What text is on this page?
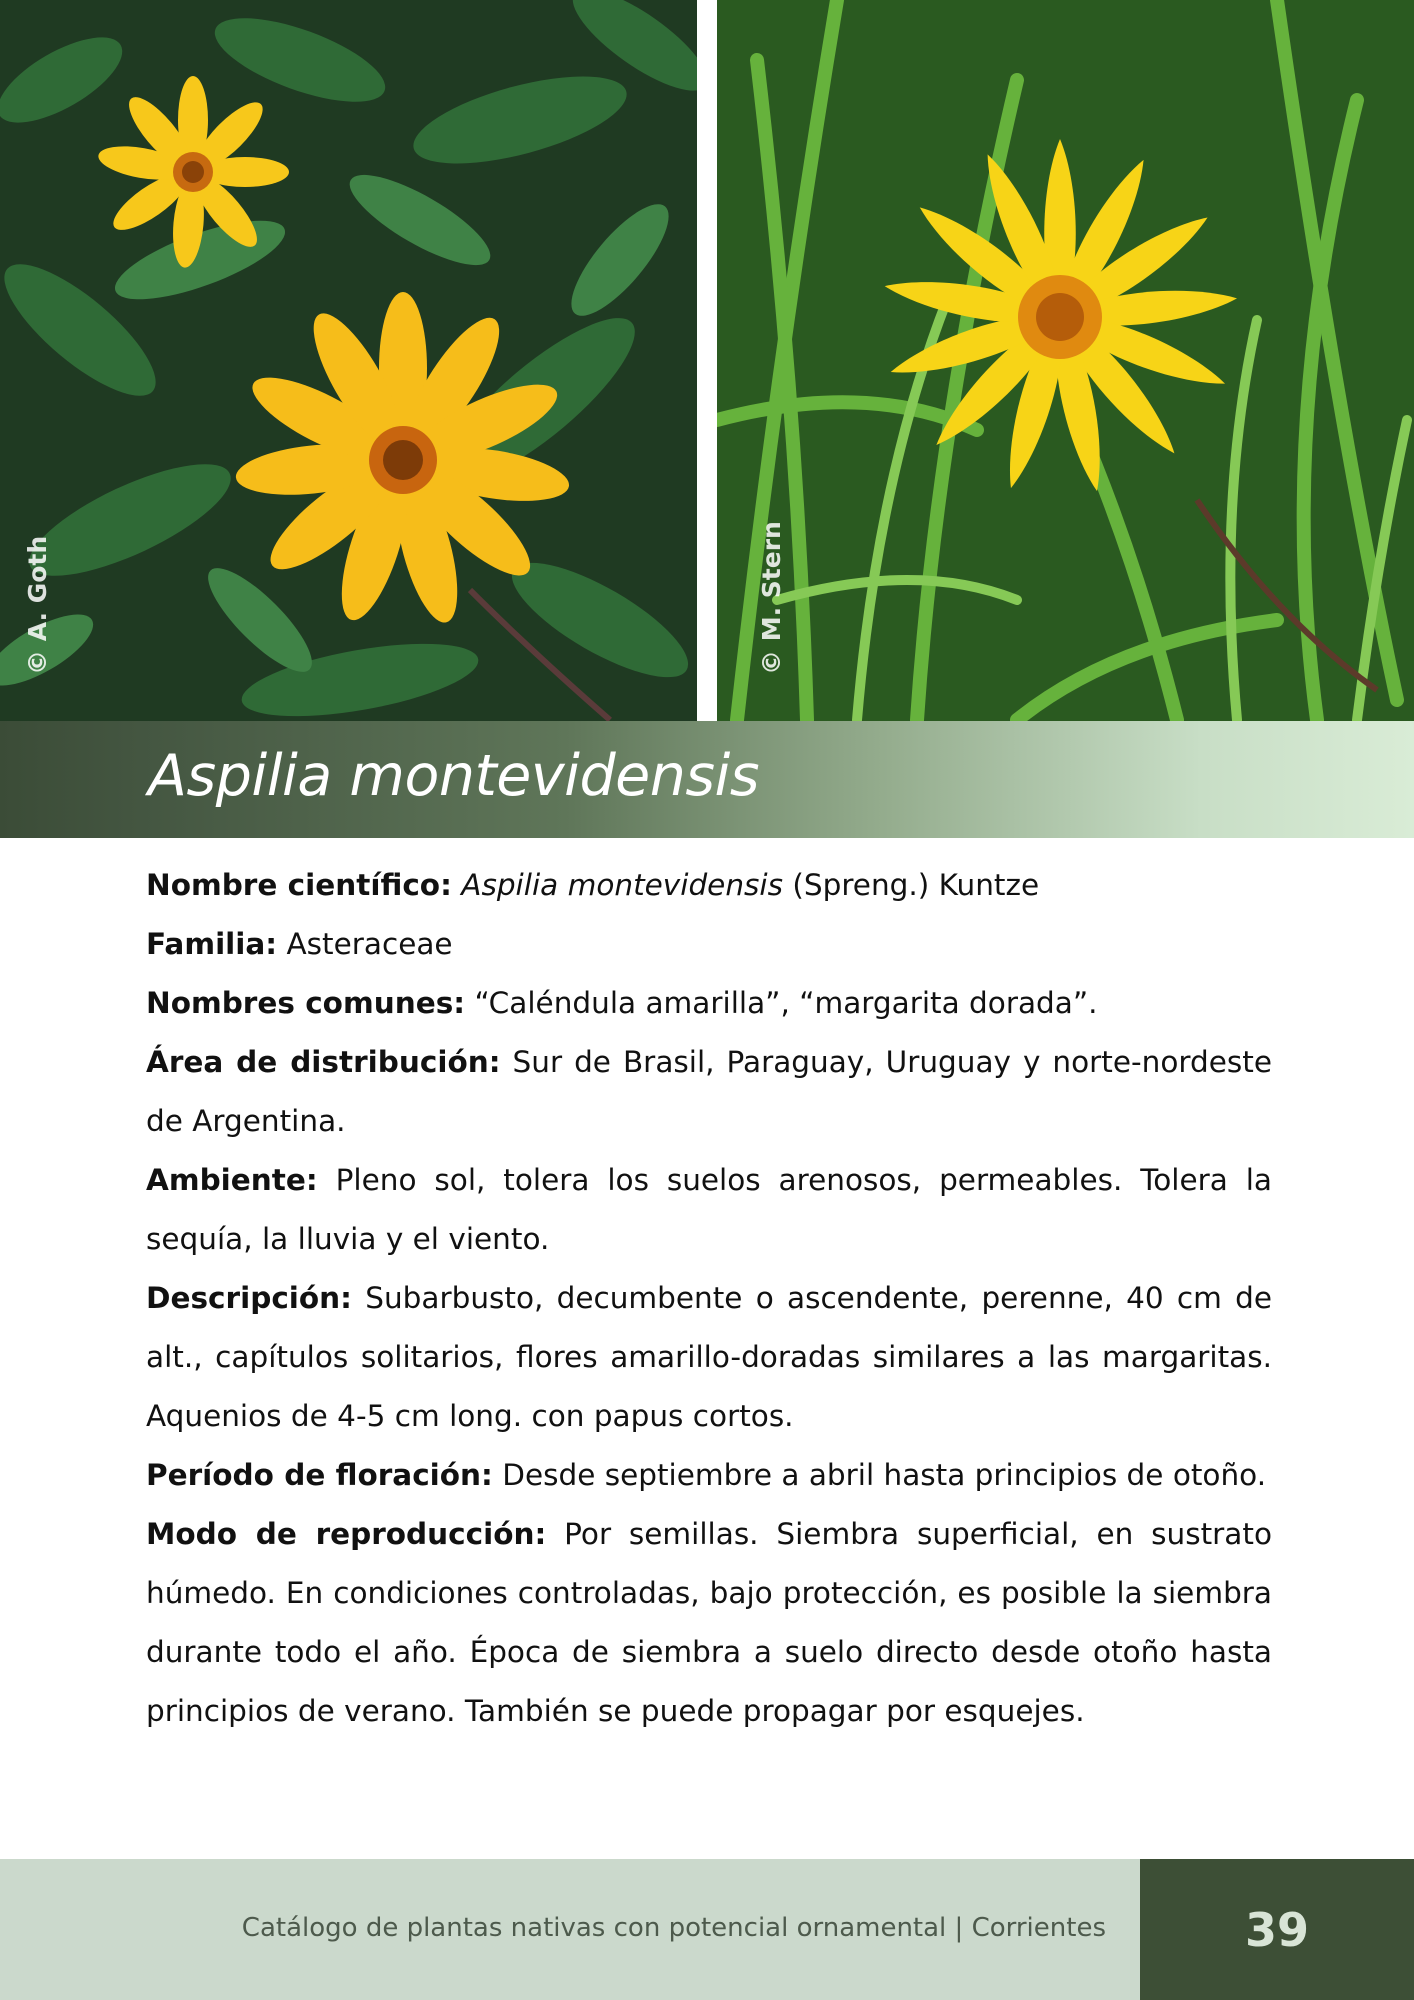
© A. Goth	© M. Stern
Aspilia montevidensis

Nombre científico: Aspilia montevidensis (Spreng.) Kuntze

Familia: Asteraceae

Nombres comunes: “Caléndula amarilla”, “margarita dorada”.

Área de distribución: Sur de Brasil, Paraguay, Uruguay y norte-nordeste de Argentina.

Ambiente: Pleno sol, tolera los suelos arenosos, permeables. Tolera la sequía, la lluvia y el viento.

Descripción: Subarbusto, decumbente o ascendente, perenne, 40 cm de alt., capítulos solitarios, flores amarillo-doradas similares a las margaritas. Aquenios de 4-5 cm long. con papus cortos.

Período de floración: Desde septiembre a abril hasta principios de otoño.

Modo de reproducción: Por semillas. Siembra superficial, en sustrato húmedo. En condiciones controladas, bajo protección, es posible la siembra durante todo el año. Época de siembra a suelo directo desde otoño hasta principios de verano. También se puede propagar por esquejes.

Catálogo de plantas nativas con potencial ornamental | Corrientes	39
